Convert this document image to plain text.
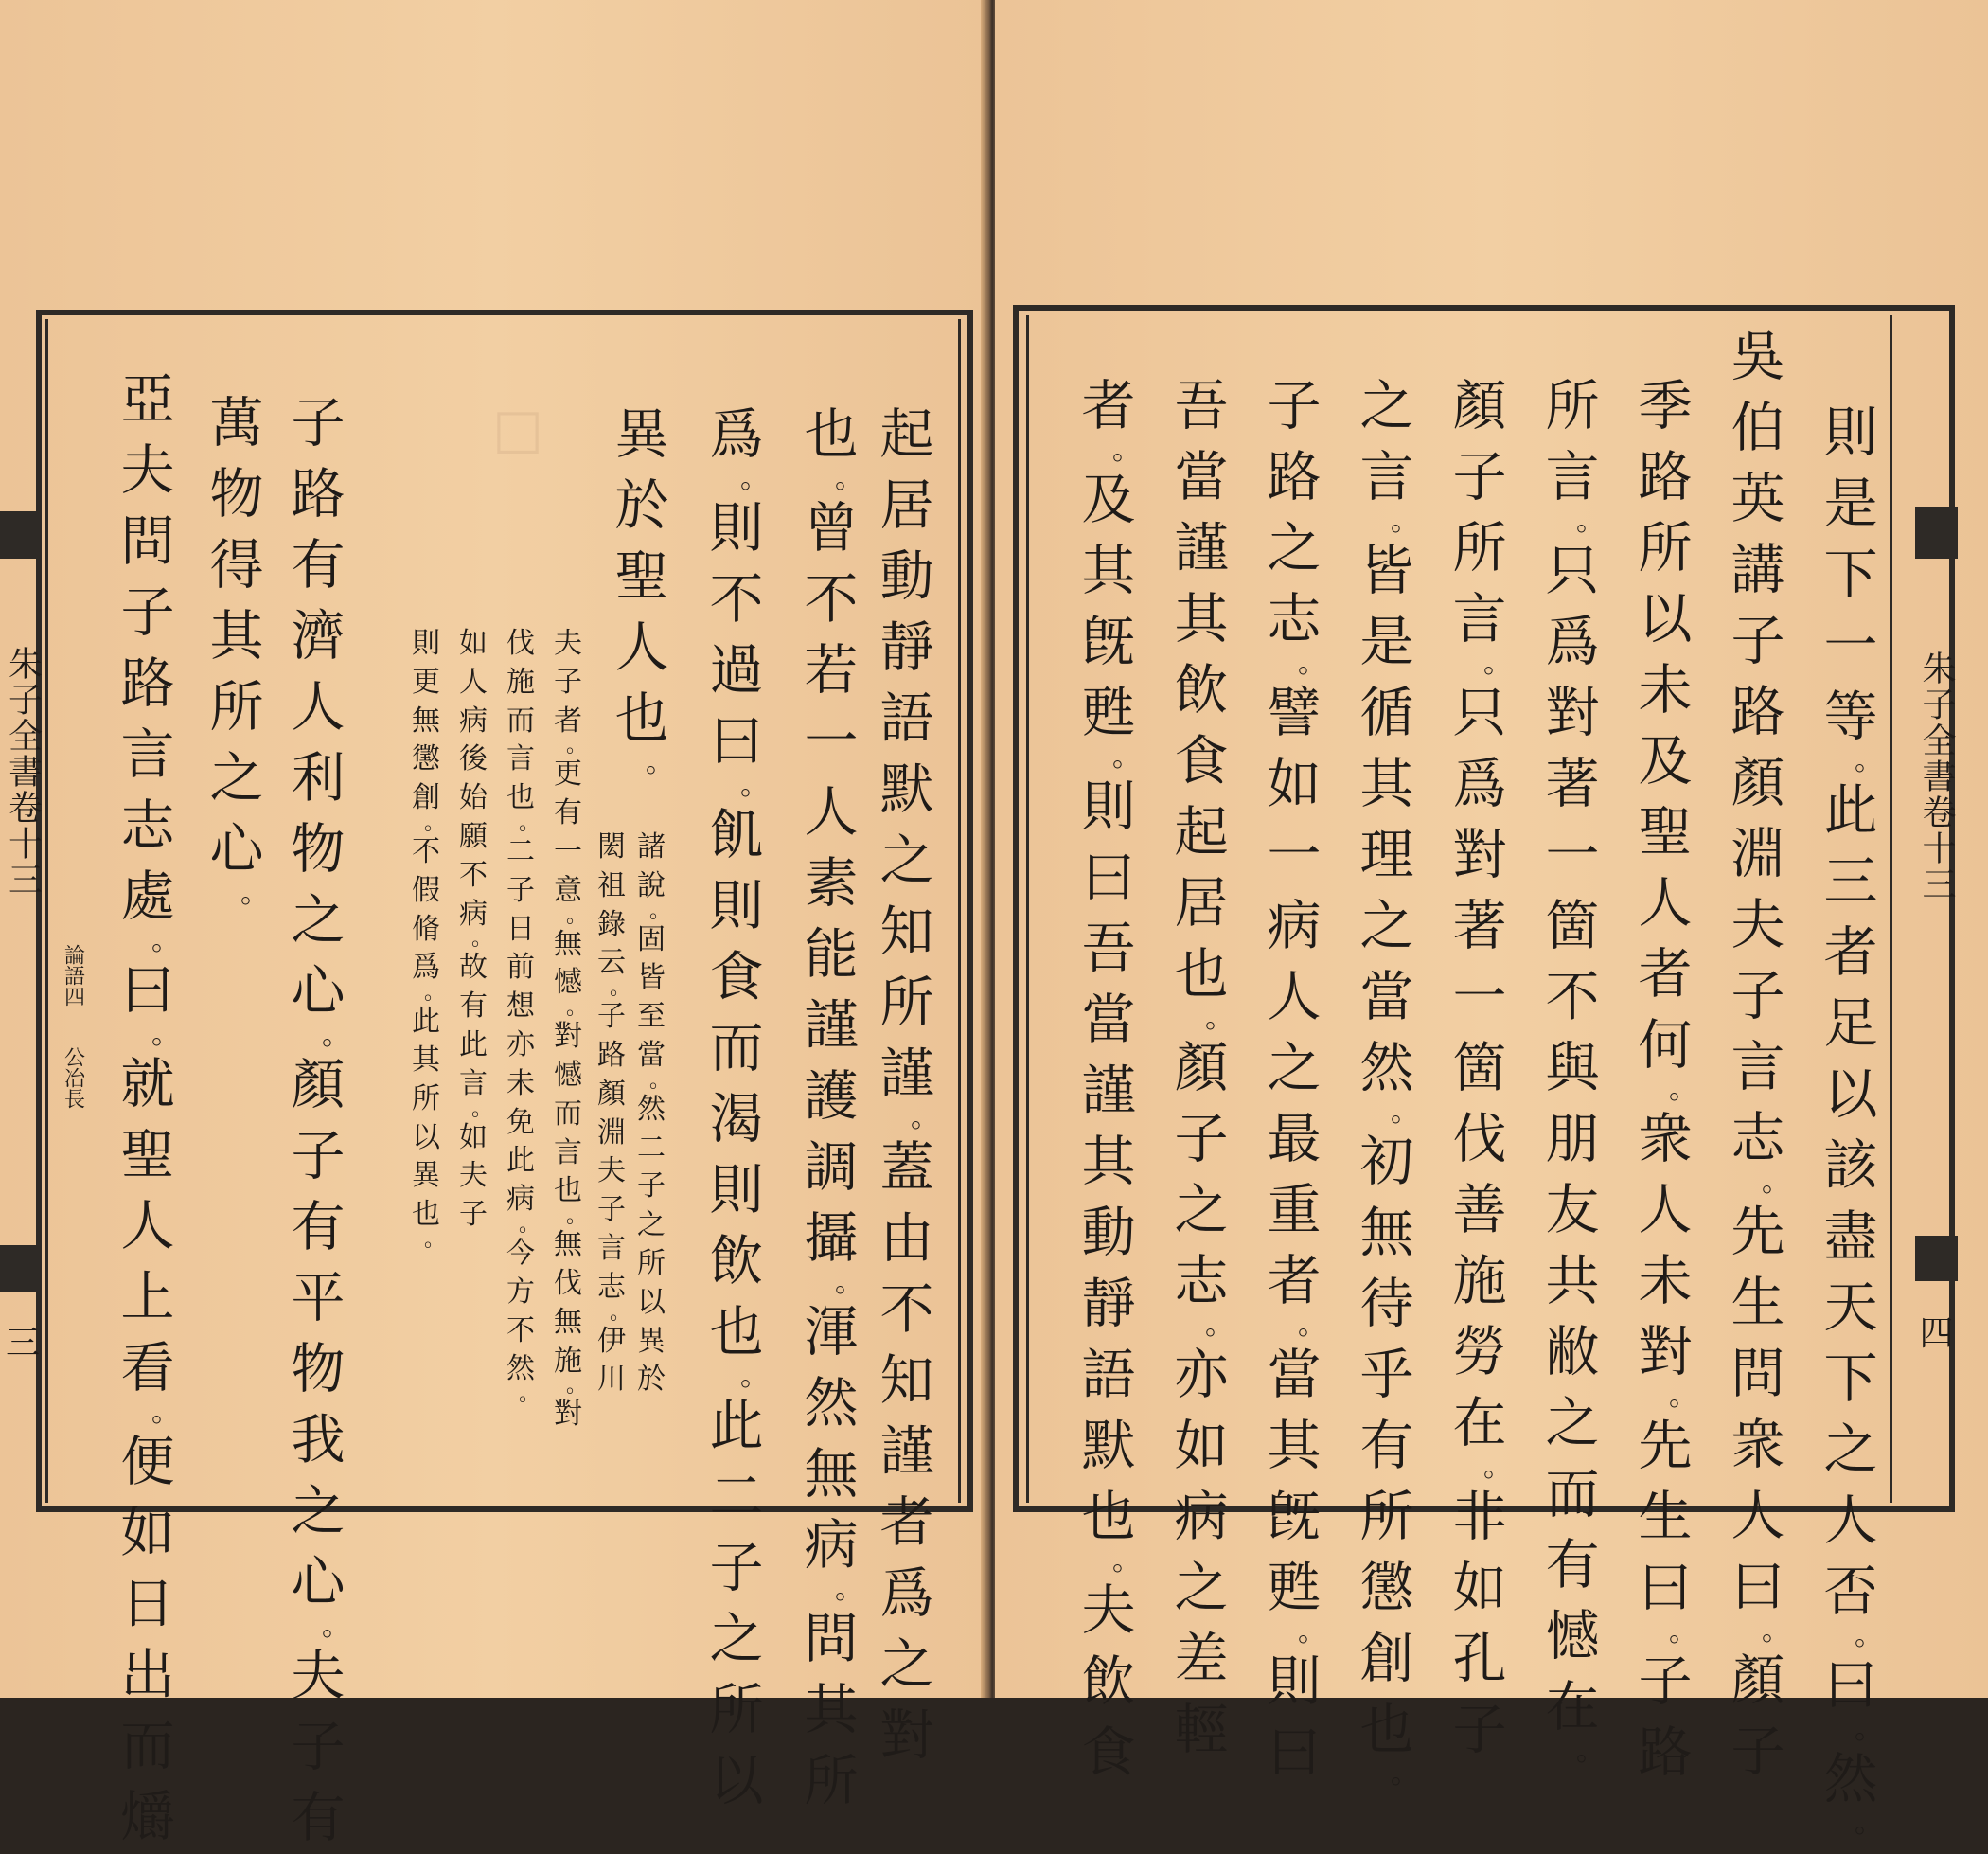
□
朱子全書卷十三
論語四
公冶長
三
起
居
動
靜
語
默
之
知
所
謹
。
蓋
由
不
知
謹
者
爲
之
對
也
。
曾
不
若
一
人
素
能
謹
護
調
攝
。
渾
然
無
病
。
問
其
所
爲
。
則
不
過
曰
。
飢
則
食
而
渴
則
飲
也
。
此
二
子
之
所
以
異
於
聖
人
也
。
諸
說
。
固
皆
至
當
。
然
二
子
之
所
以
異
於
閎
祖
錄
云
。
子
路
顏
淵
夫
子
言
志
。
伊
川
夫
子
者
。
更
有
一
意
。
無
憾
。
對
憾
而
言
也
。
無
伐
無
施
。
對
伐
施
而
言
也
。
二
子
日
前
想
亦
未
免
此
病
。
今
方
不
然
。
如
人
病
後
始
願
不
病
。
故
有
此
言
。
如
夫
子
則
更
無
懲
創
。
不
假
脩
爲
。
此
其
所
以
異
也
。
子
路
有
濟
人
利
物
之
心
。
顏
子
有
平
物
我
之
心
。
夫
子
有
萬
物
得
其
所
之
心
。
亞
夫
問
子
路
言
志
處
。
曰
。
就
聖
人
上
看
。
便
如
日
出
而
爝
朱子全書卷十三
四
則
是
下
一
等
。
此
三
者
足
以
該
盡
天
下
之
人
否
。
曰
。
然
。
吳
伯
英
講
子
路
顏
淵
夫
子
言
志
。
先
生
問
衆
人
曰
。
顏
子
季
路
所
以
未
及
聖
人
者
何
。
衆
人
未
對
。
先
生
曰
。
子
路
所
言
。
只
爲
對
著
一
箇
不
與
朋
友
共
敝
之
而
有
憾
在
。
顏
子
所
言
。
只
爲
對
著
一
箇
伐
善
施
勞
在
。
非
如
孔
子
之
言
。
皆
是
循
其
理
之
當
然
。
初
無
待
乎
有
所
懲
創
也
。
子
路
之
志
。
譬
如
一
病
人
之
最
重
者
。
當
其
旣
甦
。
則
曰
吾
當
謹
其
飲
食
起
居
也
。
顏
子
之
志
。
亦
如
病
之
差
輕
者
。
及
其
旣
甦
。
則
曰
吾
當
謹
其
動
靜
語
默
也
。
夫
飲
食
